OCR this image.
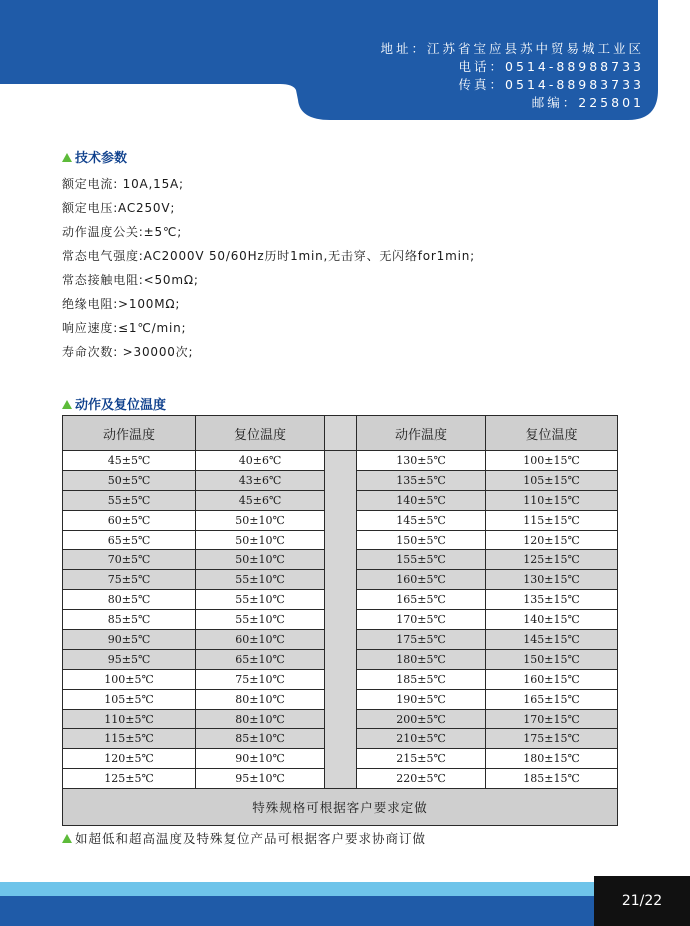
地址：江苏省宝应县苏中贸易城工业区
电话：0514-88988733
传真：0514-88983733
邮编：225801
技术参数
额定电流: 10A,15A;
额定电压:AC250V;
动作温度公关:±5℃;
常态电气强度:AC2000V 50/60Hz历时1min,无击穿、无闪络for1min;
常态接触电阻:<50mΩ;
绝缘电阻:>100MΩ;
响应速度:≤1℃/min;
寿命次数: >30000次;
动作及复位温度
动作温度	复位温度		动作温度	复位温度
45±5℃	40±6℃		130±5℃	100±15℃
50±5℃	43±6℃		135±5℃	105±15℃
55±5℃	45±6℃		140±5℃	110±15℃
60±5℃	50±10℃		145±5℃	115±15℃
65±5℃	50±10℃		150±5℃	120±15℃
70±5℃	50±10℃		155±5℃	125±15℃
75±5℃	55±10℃		160±5℃	130±15℃
80±5℃	55±10℃		165±5℃	135±15℃
85±5℃	55±10℃		170±5℃	140±15℃
90±5℃	60±10℃		175±5℃	145±15℃
95±5℃	65±10℃		180±5℃	150±15℃
100±5℃	75±10℃		185±5℃	160±15℃
105±5℃	80±10℃		190±5℃	165±15℃
110±5℃	80±10℃		200±5℃	170±15℃
115±5℃	85±10℃		210±5℃	175±15℃
120±5℃	90±10℃		215±5℃	180±15℃
125±5℃	95±10℃		220±5℃	185±15℃
特殊规格可根据客户要求定做				
如超低和超高温度及特殊复位产品可根据客户要求协商订做
21/22
